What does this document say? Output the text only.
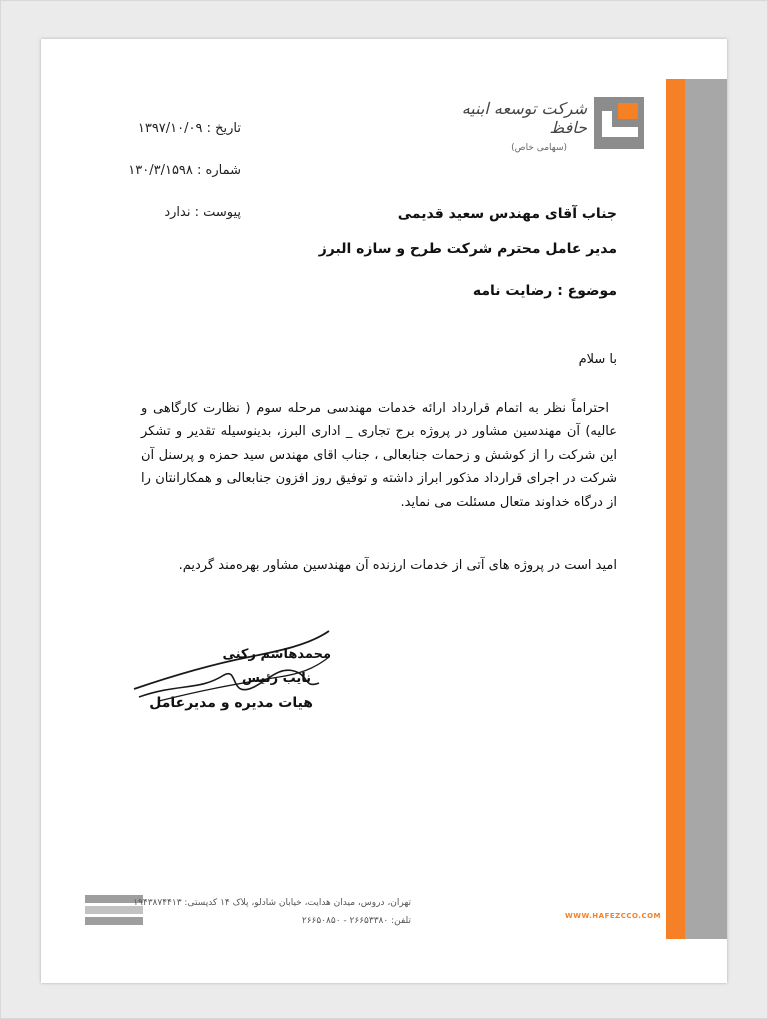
شرکت توسعه ابنیه حافظ
(سهامی خاص)
تاریخ : ۱۳۹۷/۱۰/۰۹
شماره : ۱۳۰/۳/۱۵۹۸
پیوست : ندارد	جناب آقای مهندس سعید قدیمی
مدیر عامل محترم شرکت طرح و سازه البرز
موضوع : رضایت نامه
با سلام
احتراماً نظر به اتمام قرارداد ارائه خدمات مهندسی مرحله سوم ( نظارت کارگاهی و عالیه) آن مهندسین مشاور در پروژه برج تجاری _ اداری البرز، بدینوسیله تقدیر و تشکر این شرکت را از کوشش و زحمات جنابعالی ، جناب اقای مهندس سید حمزه و پرسنل آن شرکت در اجرای قرارداد مذکور ابراز داشته و توفیق روز افزون جنابعالی و همکارانتان را از درگاه خداوند متعال مسئلت می نماید.
امید است در پروژه های آتی از خدمات ارزنده آن مهندسین مشاور بهره‌مند گردیم.
محمدهاشم رکنی
نایب رئیس
هیات مدیره و مدیرعامل
تهران، دروس، میدان هدایت، خیابان شادلو، پلاک ۱۴ کدپستی: ۱۹۴۳۸۷۴۴۱۳
تلفن: ۲۶۶۵۳۳۸۰ - ۲۶۶۵۰۸۵۰	WWW.HAFEZCCO.COM
